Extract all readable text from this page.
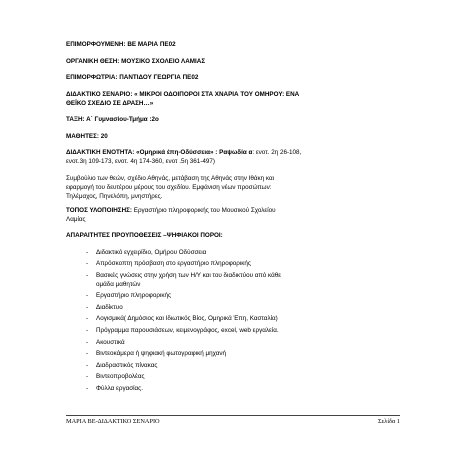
ΕΠΙΜΟΡΦΟΥΜΕΝΗ: ΒΕ ΜΑΡΙΑ ΠΕ02

ΟΡΓΑΝΙΚΗ ΘΕΣΗ: ΜΟΥΣΙΚΟ ΣΧΟΛΕΙΟ ΛΑΜΙΑΣ

ΕΠΙΜΟΡΦΩΤΡΙΑ: ΠΑΝΤΙΔΟΥ ΓΕΩΡΓΙΑ ΠΕ02

ΔΙΔΑΚΤΙΚΟ ΣΕΝΑΡΙΟ: « ΜΙΚΡΟΙ ΟΔΟΙΠΟΡΟΙ ΣΤΑ ΧΝΑΡΙΑ ΤΟΥ ΟΜΗΡΟΥ: ΕΝΑ

ΘΕΪΚΟ ΣΧΕΔΙΟ ΣΕ ΔΡΑΣΗ…»

ΤΑΞΗ: Α΄ Γυμνασίου-Τμήμα :2ο

ΜΑΘΗΤΕΣ: 20

ΔΙΔΑΚΤΙΚΗ ΕΝΟΤΗΤΑ: «Ομηρικά έπη-Οδύσσεια» : Ραψωδία α: ενοτ. 2η 26-108,

ενοτ.3η 109-173, ενοτ. 4η 174-360, ενοτ .5η 361-497)

Συμβούλιο των θεών, σχέδιο Αθηνάς, μετάβαση της Αθηνάς στην Ιθάκη και

εφαρμογή του δευτέρου μέρους του σχεδίου. Εμφάνιση νέων προσώπων:

Τηλέμαχος, Πηνελόπη, μνηστήρες.

ΤΟΠΟΣ ΥΛΟΠΟΙΗΣΗΣ: Εργαστήριο πληροφορικής του Μουσικού Σχολείου

Λαμίας

ΑΠΑΡΑΙΤΗΤΕΣ ΠΡΟΥΠΟΘΕΣΕΙΣ –ΨΗΦΙΑΚΟΙ ΠΟΡΟΙ:

- Διδακτικό εγχειρίδιο, Ομήρου Οδύσσεια
- Απρόσκοπτη πρόσβαση στο εργαστήριο πληροφορικής
- Βασικές γνώσεις στην χρήση των Η/Υ και του διαδικτύου από κάθε
ομάδα μαθητών
- Εργαστήριο πληροφορικής
- Διαδίκτυο
- Λογισμικά( Δημόσιος και Ιδιωτικός Βίος, Ομηρικά Έπη, Κασταλία)
- Πρόγραμμα παρουσιάσεων, κειμενογράφος, excel, web εργαλεία.
- Ακουστικά
- Βιντεοκάμερα ή ψηφιακή φωτογραφική μηχανή
- Διαδραστικός πίνακας
- Βιντεοπροβολέας
- Φύλλα εργασίας.
ΜΑΡΙΑ ΒΕ-ΔΙΔΑΚΤΙΚΟ ΣΕΝΑΡΙΟ	Σελίδα 1
